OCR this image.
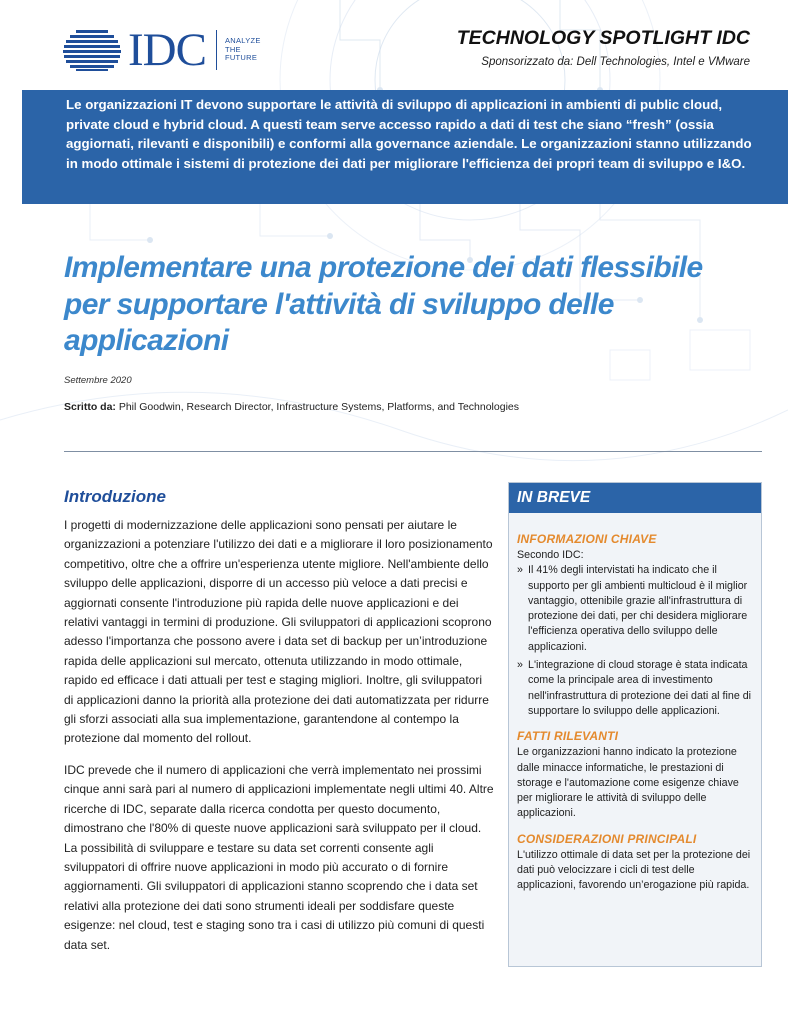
IDC	ANALYZE
THE
FUTURE
TECHNOLOGY SPOTLIGHT IDC
Sponsorizzato da: Dell Technologies, Intel e VMware

Le organizzazioni IT devono supportare le attività di sviluppo di applicazioni in ambienti di public cloud, private cloud e hybrid cloud. A questi team serve accesso rapido a dati di test che siano “fresh” (ossia aggiornati, rilevanti e disponibili) e conformi alla governance aziendale. Le organizzazioni stanno utilizzando in modo ottimale i sistemi di protezione dei dati per migliorare l'efficienza dei propri team di sviluppo e I&O.

Implementare una protezione dei dati flessibile per supportare l'attività di sviluppo delle applicazioni
Settembre 2020
Scritto da: Phil Goodwin, Research Director, Infrastructure Systems, Platforms, and Technologies
Introduzione

I progetti di modernizzazione delle applicazioni sono pensati per aiutare le organizzazioni a potenziare l'utilizzo dei dati e a migliorare il loro posizionamento competitivo, oltre che a offrire un'esperienza utente migliore. Nell'ambiente dello sviluppo delle applicazioni, disporre di un accesso più veloce a dati precisi e aggiornati consente l'introduzione più rapida delle nuove applicazioni e dei relativi vantaggi in termini di produzione. Gli sviluppatori di applicazioni scoprono adesso l'importanza che possono avere i data set di backup per un’introduzione rapida delle applicazioni sul mercato, ottenuta utilizzando in modo ottimale, rapido ed efficace i dati attuali per test e staging migliori. Inoltre, gli sviluppatori di applicazioni danno la priorità alla protezione dei dati automatizzata per ridurre gli sforzi associati alla sua implementazione, garantendone al contempo la protezione dal momento del rollout.

IDC prevede che il numero di applicazioni che verrà implementato nei prossimi cinque anni sarà pari al numero di applicazioni implementate negli ultimi 40. Altre ricerche di IDC, separate dalla ricerca condotta per questo documento, dimostrano che l'80% di queste nuove applicazioni sarà sviluppato per il cloud. La possibilità di sviluppare e testare su data set correnti consente agli sviluppatori di offrire nuove applicazioni in modo più accurato o di fornire aggiornamenti. Gli sviluppatori di applicazioni stanno scoprendo che i data set relativi alla protezione dei dati sono strumenti ideali per soddisfare queste esigenze: nel cloud, test e staging sono tra i casi di utilizzo più comuni di questi data set.

IN BREVE
INFORMAZIONI CHIAVE

Secondo IDC:

» Il 41% degli intervistati ha indicato che il supporto per gli ambienti multicloud è il miglior vantaggio, ottenibile grazie all'infrastruttura di protezione dei dati, per chi desidera migliorare l'efficienza operativa dello sviluppo delle applicazioni.
» L'integrazione di cloud storage è stata indicata come la principale area di investimento nell'infrastruttura di protezione dei dati al fine di supportare lo sviluppo delle applicazioni.
FATTI RILEVANTI

Le organizzazioni hanno indicato la protezione dalle minacce informatiche, le prestazioni di storage e l'automazione come esigenze chiave per migliorare le attività di sviluppo delle applicazioni.

CONSIDERAZIONI PRINCIPALI

L'utilizzo ottimale di data set per la protezione dei dati può velocizzare i cicli di test delle applicazioni, favorendo un’erogazione più rapida.
